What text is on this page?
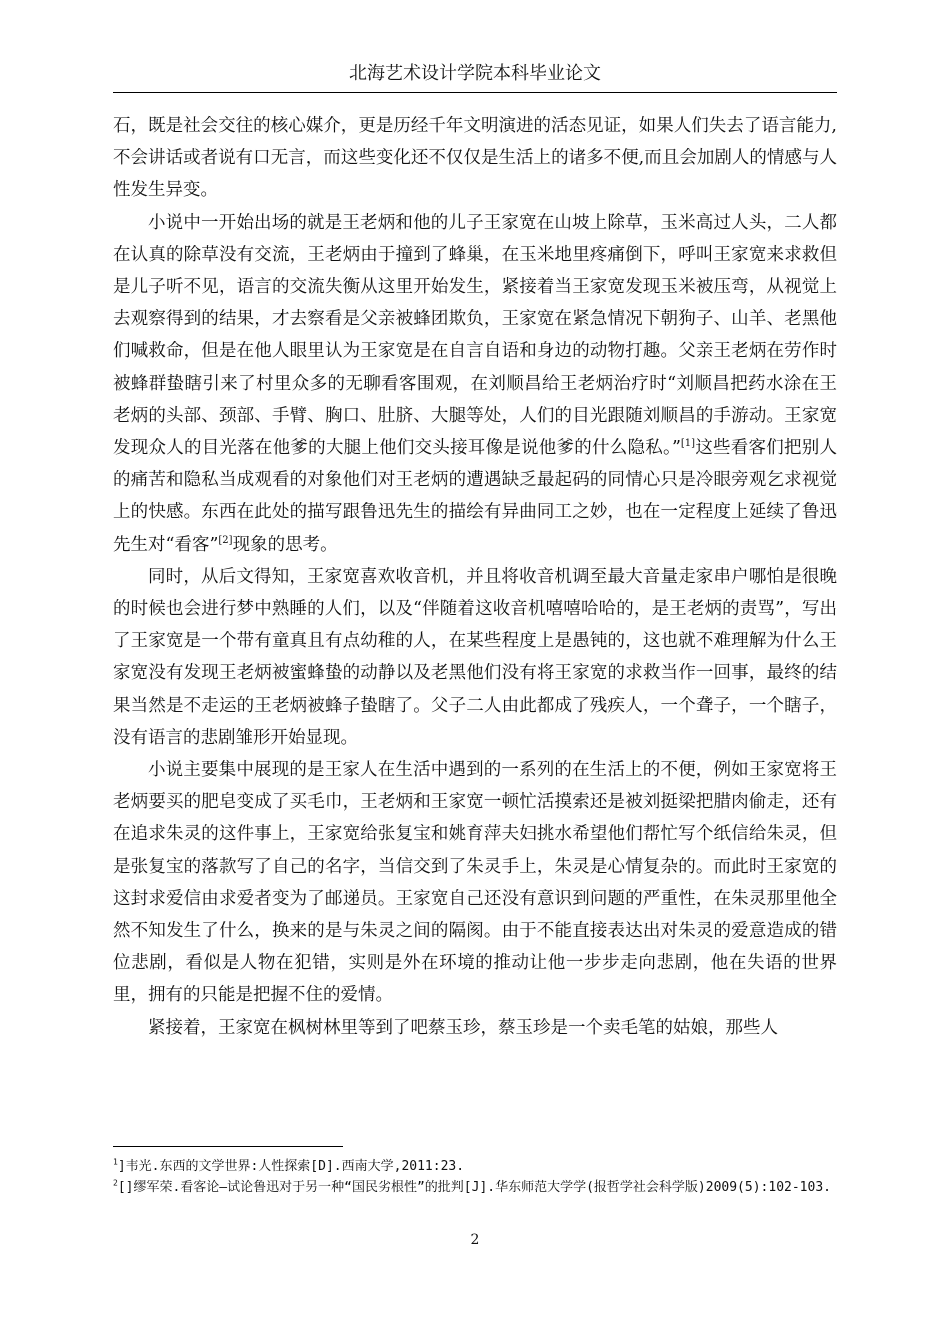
北海艺术设计学院本科毕业论文

石，既是社会交往的核心媒介，更是历经千年文明演进的活态见证，如果人们失去了语言能力,不会讲话或者说有口无言，而这些变化还不仅仅是生活上的诸多不便,而且会加剧人的情感与人性发生异变。

小说中一开始出场的就是王老炳和他的儿子王家宽在山坡上除草，玉米高过人头，二人都在认真的除草没有交流，王老炳由于撞到了蜂巢，在玉米地里疼痛倒下，呼叫王家宽来求救但是儿子听不见，语言的交流失衡从这里开始发生，紧接着当王家宽发现玉米被压弯，从视觉上去观察得到的结果，才去察看是父亲被蜂团欺负，王家宽在紧急情况下朝狗子、山羊、老黑他们喊救命，但是在他人眼里认为王家宽是在自言自语和身边的动物打趣。父亲王老炳在劳作时被蜂群蛰瞎引来了村里众多的无聊看客围观，在刘顺昌给王老炳治疗时“刘顺昌把药水涂在王老炳的头部、颈部、手臂、胸口、肚脐、大腿等处，人们的目光跟随刘顺昌的手游动。王家宽发现众人的目光落在他爹的大腿上他们交头接耳像是说他爹的什么隐私。”[1]这些看客们把别人的痛苦和隐私当成观看的对象他们对王老炳的遭遇缺乏最起码的同情心只是冷眼旁观乞求视觉上的快感。东西在此处的描写跟鲁迅先生的描绘有异曲同工之妙，也在一定程度上延续了鲁迅先生对“看客”[2]现象的思考。

同时，从后文得知，王家宽喜欢收音机，并且将收音机调至最大音量走家串户哪怕是很晚的时候也会进行梦中熟睡的人们，以及“伴随着这收音机嘻嘻哈哈的，是王老炳的责骂”，写出了王家宽是一个带有童真且有点幼稚的人，在某些程度上是愚钝的，这也就不难理解为什么王家宽没有发现王老炳被蜜蜂蛰的动静以及老黑他们没有将王家宽的求救当作一回事，最终的结果当然是不走运的王老炳被蜂子蛰瞎了。父子二人由此都成了残疾人，一个聋子，一个瞎子，没有语言的悲剧雏形开始显现。

小说主要集中展现的是王家人在生活中遇到的一系列的在生活上的不便，例如王家宽将王老炳要买的肥皂变成了买毛巾，王老炳和王家宽一顿忙活摸索还是被刘挺梁把腊肉偷走，还有在追求朱灵的这件事上，王家宽给张复宝和姚育萍夫妇挑水希望他们帮忙写个纸信给朱灵，但是张复宝的落款写了自己的名字，当信交到了朱灵手上，朱灵是心情复杂的。而此时王家宽的这封求爱信由求爱者变为了邮递员。王家宽自己还没有意识到问题的严重性，在朱灵那里他全然不知发生了什么，换来的是与朱灵之间的隔阂。由于不能直接表达出对朱灵的爱意造成的错位悲剧，看似是人物在犯错，实则是外在环境的推动让他一步步走向悲剧，他在失语的世界里，拥有的只能是把握不住的爱情。

紧接着，王家宽在枫树林里等到了吧蔡玉珍，蔡玉珍是一个卖毛笔的姑娘，那些人

$^1$]韦光.东西的文学世界:人性探索[D].西南大学,2011:23.

$^2$[]缪军荣.看客论—试论鲁迅对于另一种“国民劣根性”的批判[J].华东师范大学学(报哲学社会科学版)2009(5):102-103.

2
